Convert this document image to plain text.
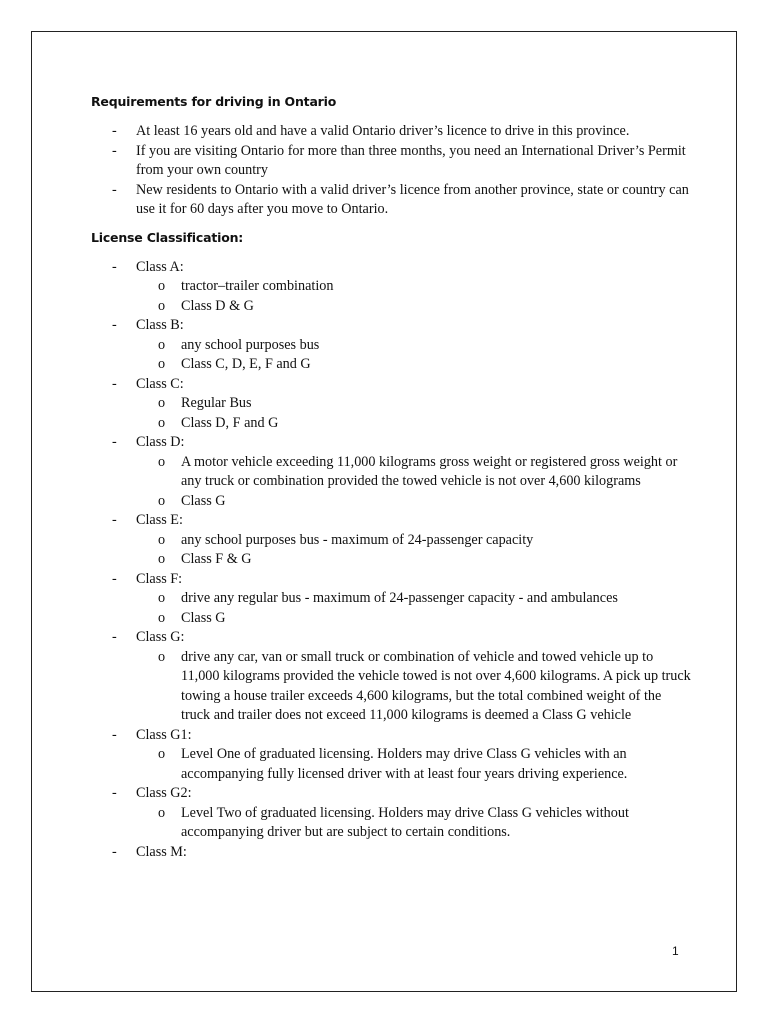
Requirements for driving in Ontario
- At least 16 years old and have a valid Ontario driver’s licence to drive in this province.
- If you are visiting Ontario for more than three months, you need an International Driver’s Permit from your own country
- New residents to Ontario with a valid driver’s licence from another province, state or country can use it for 60 days after you move to Ontario.
License Classification:
- Class A:
o tractor–trailer combination
o Class D & G
- Class B:
o any school purposes bus
o Class C, D, E, F and G
- Class C:
o Regular Bus
o Class D, F and G
- Class D:
o A motor vehicle exceeding 11,000 kilograms gross weight or registered gross weight or any truck or combination provided the towed vehicle is not over 4,600 kilograms
o Class G
- Class E:
o any school purposes bus - maximum of 24-passenger capacity
o Class F & G
- Class F:
o drive any regular bus - maximum of 24-passenger capacity - and ambulances
o Class G
- Class G:
o drive any car, van or small truck or combination of vehicle and towed vehicle up to 11,000 kilograms provided the vehicle towed is not over 4,600 kilograms. A pick up truck towing a house trailer exceeds 4,600 kilograms, but the total combined weight of the truck and trailer does not exceed 11,000 kilograms is deemed a Class G vehicle
- Class G1:
o Level One of graduated licensing. Holders may drive Class G vehicles with an accompanying fully licensed driver with at least four years driving experience.
- Class G2:
o Level Two of graduated licensing. Holders may drive Class G vehicles without accompanying driver but are subject to certain conditions.
- Class M:
1
